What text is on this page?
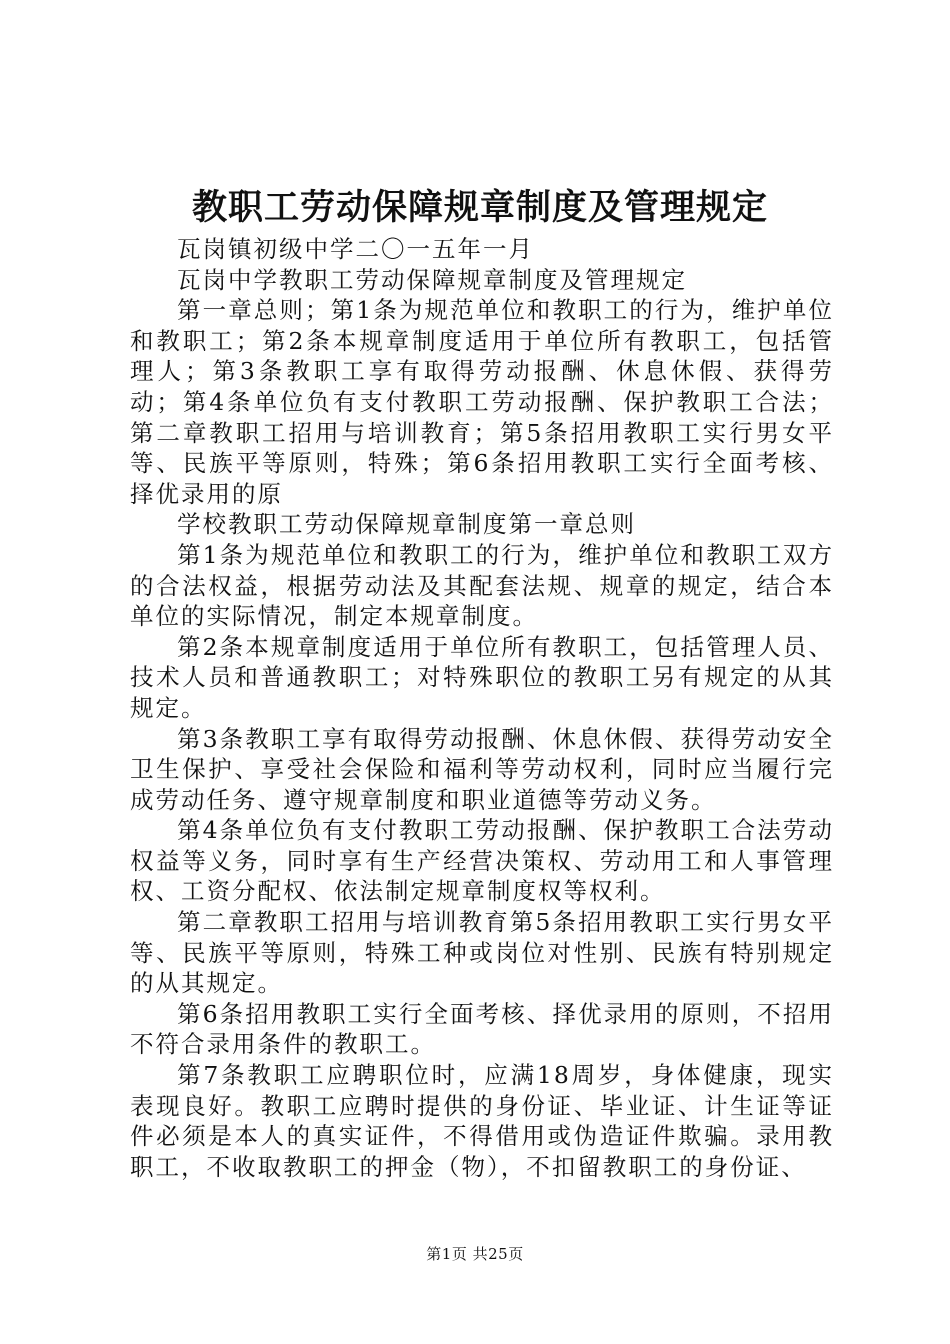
教职工劳动保障规章制度及管理规定

瓦岗镇初级中学二〇一五年一月

瓦岗中学教职工劳动保障规章制度及管理规定

第一章总则；第1条为规范单位和教职工的行为，维护单位和教职工；第2条本规章制度适用于单位所有教职工，包括管理人；第3条教职工享有取得劳动报酬、休息休假、获得劳动；第4条单位负有支付教职工劳动报酬、保护教职工合法；第二章教职工招用与培训教育；第5条招用教职工实行男女平等、民族平等原则，特殊；第6条招用教职工实行全面考核、择优录用的原

学校教职工劳动保障规章制度第一章总则

第1条为规范单位和教职工的行为，维护单位和教职工双方的合法权益，根据劳动法及其配套法规、规章的规定，结合本单位的实际情况，制定本规章制度。

第2条本规章制度适用于单位所有教职工，包括管理人员、技术人员和普通教职工；对特殊职位的教职工另有规定的从其规定。

第3条教职工享有取得劳动报酬、休息休假、获得劳动安全卫生保护、享受社会保险和福利等劳动权利，同时应当履行完成劳动任务、遵守规章制度和职业道德等劳动义务。

第4条单位负有支付教职工劳动报酬、保护教职工合法劳动权益等义务，同时享有生产经营决策权、劳动用工和人事管理权、工资分配权、依法制定规章制度权等权利。

第二章教职工招用与培训教育第5条招用教职工实行男女平等、民族平等原则，特殊工种或岗位对性别、民族有特别规定的从其规定。

第6条招用教职工实行全面考核、择优录用的原则，不招用不符合录用条件的教职工。

第7条教职工应聘职位时，应满18周岁，身体健康，现实表现良好。教职工应聘时提供的身份证、毕业证、计生证等证件必须是本人的真实证件，不得借用或伪造证件欺骗。录用教职工，不收取教职工的押金（物），不扣留教职工的身份证、

第1页 共25页
